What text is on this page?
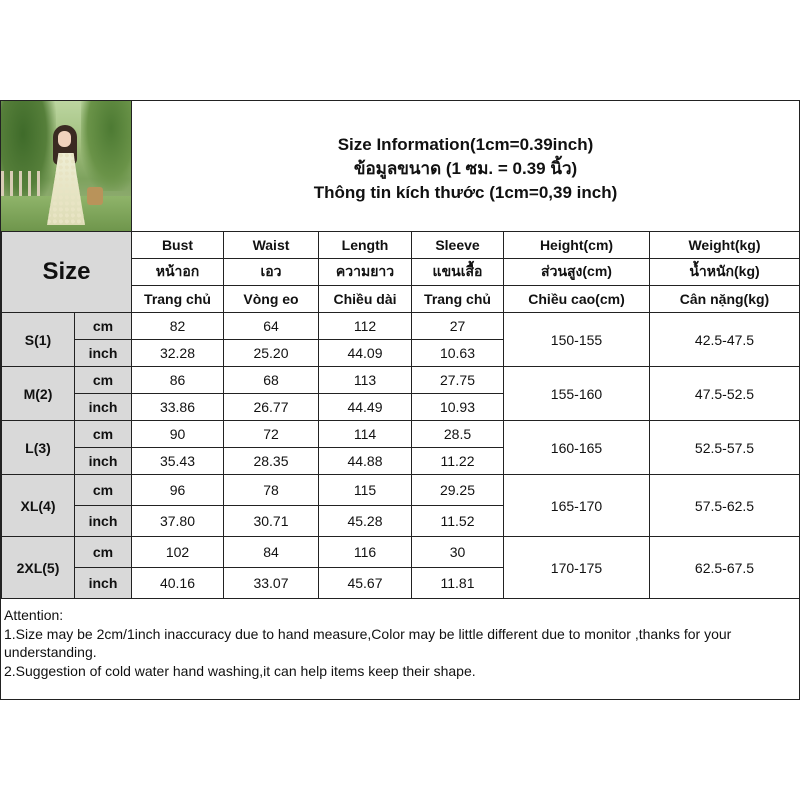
Size Information(1cm=0.39inch)
ข้อมูลขนาด (1 ซม. = 0.39 นิ้ว)
Thông tin kích thước (1cm=0,39 inch)
Size		Bust	Waist	Length	Sleeve	Height(cm)	Weight(kg)
		หน้าอก	เอว	ความยาว	แขนเสื้อ	ส่วนสูง(cm)	น้ำหนัก(kg)
		Trang chủ	Vòng eo	Chiều dài	Trang chủ	Chiều cao(cm)	Cân nặng(kg)
S(1)	cm	82	64	112	27	150-155	42.5-47.5
	inch	32.28	25.20	44.09	10.63		
M(2)	cm	86	68	113	27.75	155-160	47.5-52.5
	inch	33.86	26.77	44.49	10.93		
L(3)	cm	90	72	114	28.5	160-165	52.5-57.5
	inch	35.43	28.35	44.88	11.22		
XL(4)	cm	96	78	115	29.25	165-170	57.5-62.5
	inch	37.80	30.71	45.28	11.52		
2XL(5)	cm	102	84	116	30	170-175	62.5-67.5
	inch	40.16	33.07	45.67	11.81		
Attention:
1.Size may be 2cm/1inch inaccuracy due to hand measure,Color may be little different due to monitor ,thanks for your understanding.
2.Suggestion of cold water hand washing,it can help items keep their shape.
